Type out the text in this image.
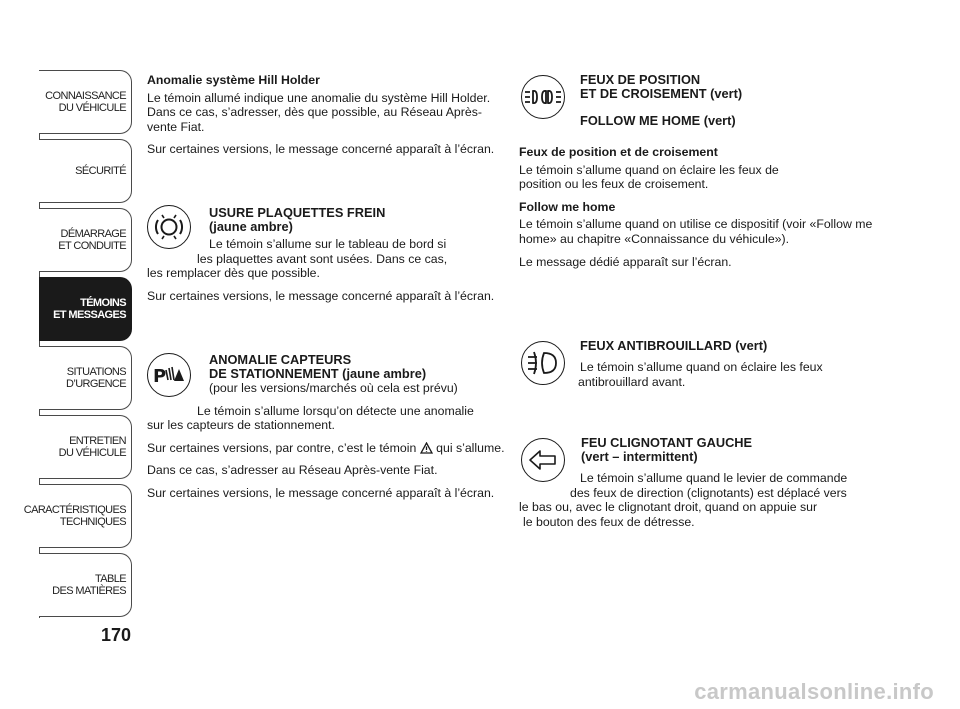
CONNAISSANCE
DU VÉHICULE
SÉCURITÉ
DÉMARRAGE
ET CONDUITE
TÉMOINS
ET MESSAGES
SITUATIONS
D’URGENCE
ENTRETIEN
DU VÉHICULE
CARACTÉRISTIQUES
TECHNIQUES
TABLE
DES MATIÈRES
170

Anomalie système Hill Holder

Le témoin allumé indique une anomalie du système Hill Holder. Dans ce cas, s’adresser, dès que possible, au Réseau Après-vente Fiat.

Sur certaines versions, le message concerné apparaît à l’écran.

USURE PLAQUETTES FREIN
(jaune ambre)
Le témoin s’allume sur le tableau de bord si
les plaquettes avant sont usées. Dans ce cas,

les remplacer dès que possible.

Sur certaines versions, le message concerné apparaît à l’écran.

P
ANOMALIE CAPTEURS
DE STATIONNEMENT (jaune ambre)
(pour les versions/marchés où cela est prévu)
Le témoin s’allume lorsqu’on détecte une anomalie

sur les capteurs de stationnement.

Sur certaines versions, par contre, c’est le témoin qui s’allume.

Dans ce cas, s’adresser au Réseau Après-vente Fiat.

Sur certaines versions, le message concerné apparaît à l’écran.

FEUX DE POSITION
ET DE CROISEMENT (vert)
FOLLOW ME HOME (vert)

Feux de position et de croisement

Le témoin s’allume quand on éclaire les feux de position ou les feux de croisement.

Follow me home

Le témoin s’allume quand on utilise ce dispositif (voir «Follow me home» au chapitre «Connaissance du véhicule»).

Le message dédié apparaît sur l’écran.

FEUX ANTIBROUILLARD (vert)
Le témoin s’allume quand on éclaire les feux
antibrouillard avant.
FEU CLIGNOTANT GAUCHE
(vert – intermittent)
Le témoin s’allume quand le levier de commande
des feux de direction (clignotants) est déplacé vers
le bas ou, avec le clignotant droit, quand on appuie sur
le bouton des feux de détresse.
carmanualsonline.info
